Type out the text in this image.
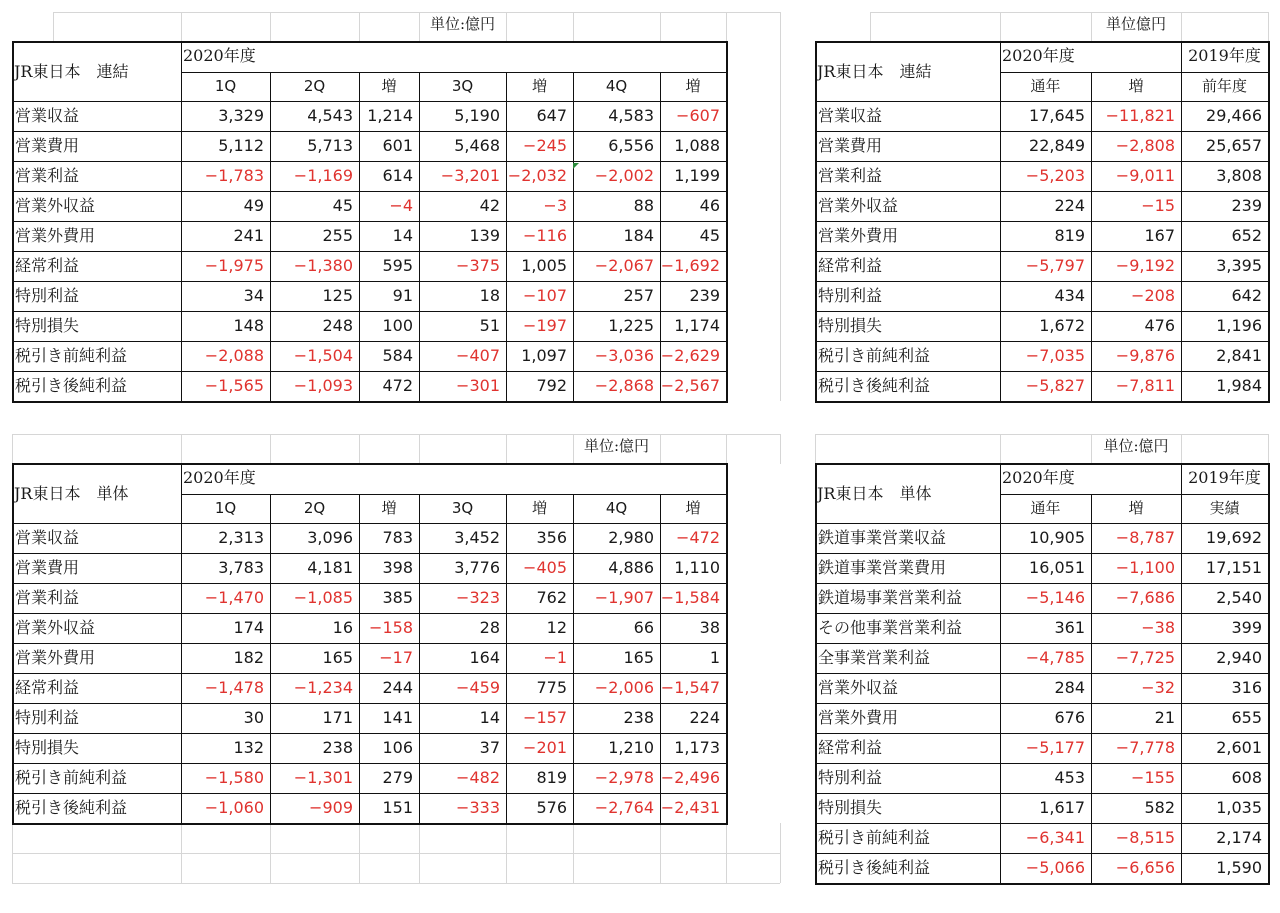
単位:億円
JR東日本　連結
2020年度
1Q	2Q	増	3Q	増	4Q	増
営業収益	3,329	4,543 1,214	5,190	647	4,583	−607
営業費用	5,112	5,713	601	5,468	−245	6,556	1,088
営業利益	−1,783	−1,169	614	−3,201 −2,032	−2,002	1,199
営業外収益	49	45	−4	42	−3	88	46
営業外費用	241	255	14	139	−116	184	45
経常利益	−1,975	−1,380	595	−375	1,005	−2,067 −1,692
特別利益	34	125	91	18	−107	257	239
特別損失	148	248	100	51	−197	1,225	1,174
税引き前純利益	−2,088	−1,504	584	−407	1,097	−3,036 −2,629
税引き後純利益	−1,565	−1,093	472	−301	792	−2,868 −2,567
単位億円
JR東日本　連結
2020年度	2019年度
通年	増	前年度
営業収益	17,645	−11,821	29,466
営業費用	22,849	−2,808	25,657
営業利益	−5,203	−9,011	3,808
営業外収益	224	−15	239
営業外費用	819	167	652
経常利益	−5,797	−9,192	3,395
特別利益	434	−208	642
特別損失	1,672	476	1,196
税引き前純利益	−7,035	−9,876	2,841
税引き後純利益	−5,827	−7,811	1,984
単位:億円
JR東日本　単体
2020年度
1Q	2Q	増	3Q	増	4Q	増
営業収益	2,313	3,096	783	3,452	356	2,980	−472
営業費用	3,783	4,181	398	3,776	−405	4,886	1,110
営業利益	−1,470	−1,085	385	−323	762	−1,907 −1,584
営業外収益	174	16	−158	28	12	66	38
営業外費用	182	165	−17	164	−1	165	1
経常利益	−1,478	−1,234	244	−459	775	−2,006 −1,547
特別利益	30	171	141	14	−157	238	224
特別損失	132	238	106	37	−201	1,210	1,173
税引き前純利益	−1,580	−1,301	279	−482	819	−2,978 −2,496
税引き後純利益	−1,060	−909	151	−333	576	−2,764 −2,431
単位:億円
JR東日本　単体
2020年度	2019年度
通年	増	実績
鉄道事業営業収益	10,905	−8,787	19,692
鉄道事業営業費用	16,051	−1,100	17,151
鉄道場事業営業利益	−5,146	−7,686	2,540
その他事業営業利益	361	−38	399
全事業営業利益	−4,785	−7,725	2,940
営業外収益	284	−32	316
営業外費用	676	21	655
経常利益	−5,177	−7,778	2,601
特別利益	453	−155	608
特別損失	1,617	582	1,035
税引き前純利益	−6,341	−8,515	2,174
税引き後純利益	−5,066	−6,656	1,590
